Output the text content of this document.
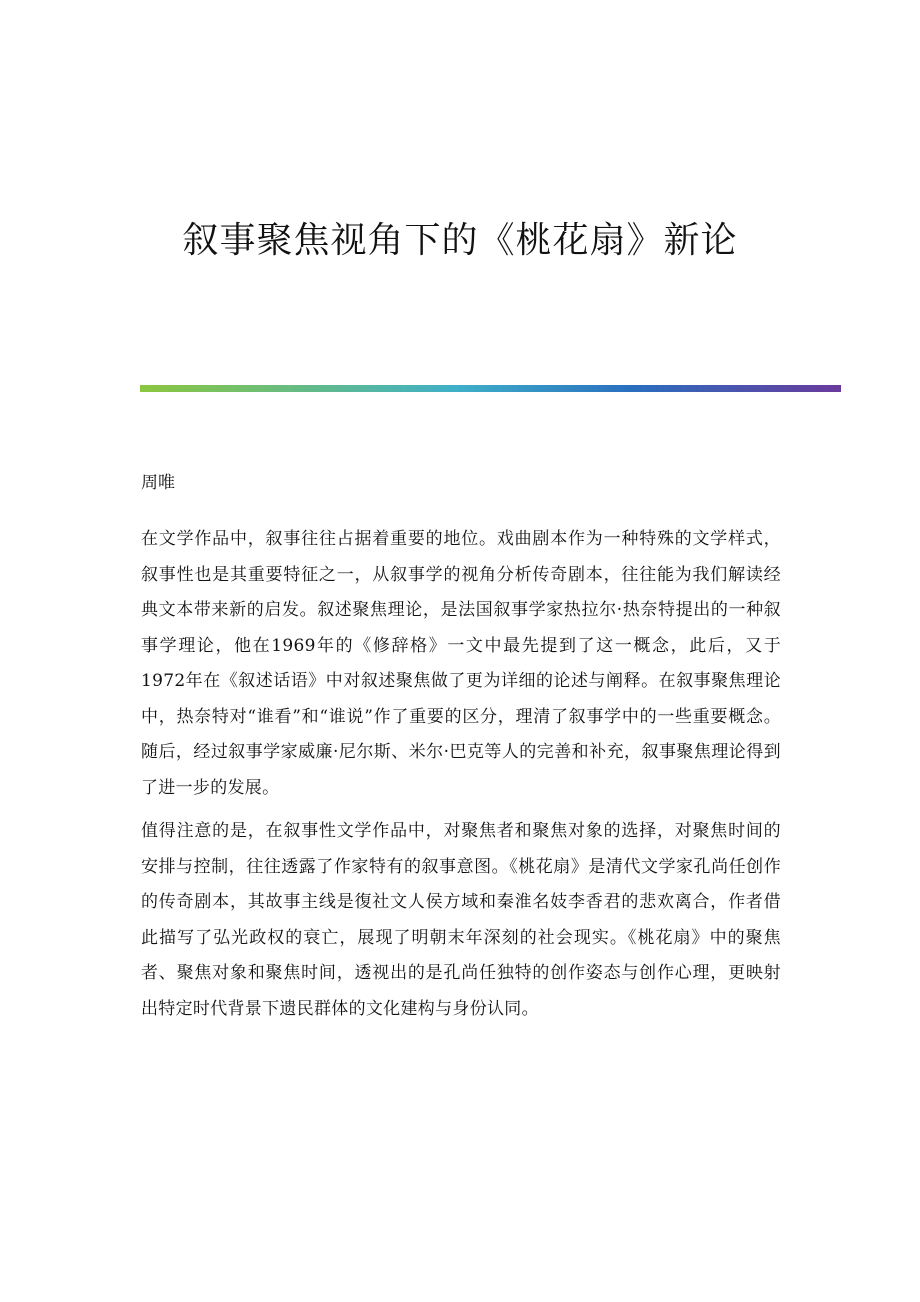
叙事聚焦视角下的《桃花扇》新论

周唯

在文学作品中，叙事往往占据着重要的地位。戏曲剧本作为一种特殊的文学样式，叙事性也是其重要特征之一，从叙事学的视角分析传奇剧本，往往能为我们解读经典文本带来新的启发。叙述聚焦理论，是法国叙事学家热拉尔·热奈特提出的一种叙事学理论，他在1969年的《修辞格》一文中最先提到了这一概念，此后，又于1972年在《叙述话语》中对叙述聚焦做了更为详细的论述与阐释。在叙事聚焦理论中，热奈特对“谁看”和“谁说”作了重要的区分，理清了叙事学中的一些重要概念。随后，经过叙事学家威廉·尼尔斯、米尔·巴克等人的完善和补充，叙事聚焦理论得到了进一步的发展。

值得注意的是，在叙事性文学作品中，对聚焦者和聚焦对象的选择，对聚焦时间的安排与控制，往往透露了作家特有的叙事意图。《桃花扇》是清代文学家孔尚任创作的传奇剧本，其故事主线是復社文人侯方域和秦淮名妓李香君的悲欢离合，作者借此描写了弘光政权的衰亡，展现了明朝末年深刻的社会现实。《桃花扇》中的聚焦者、聚焦对象和聚焦时间，透视出的是孔尚任独特的创作姿态与创作心理，更映射出特定时代背景下遗民群体的文化建构与身份认同。
